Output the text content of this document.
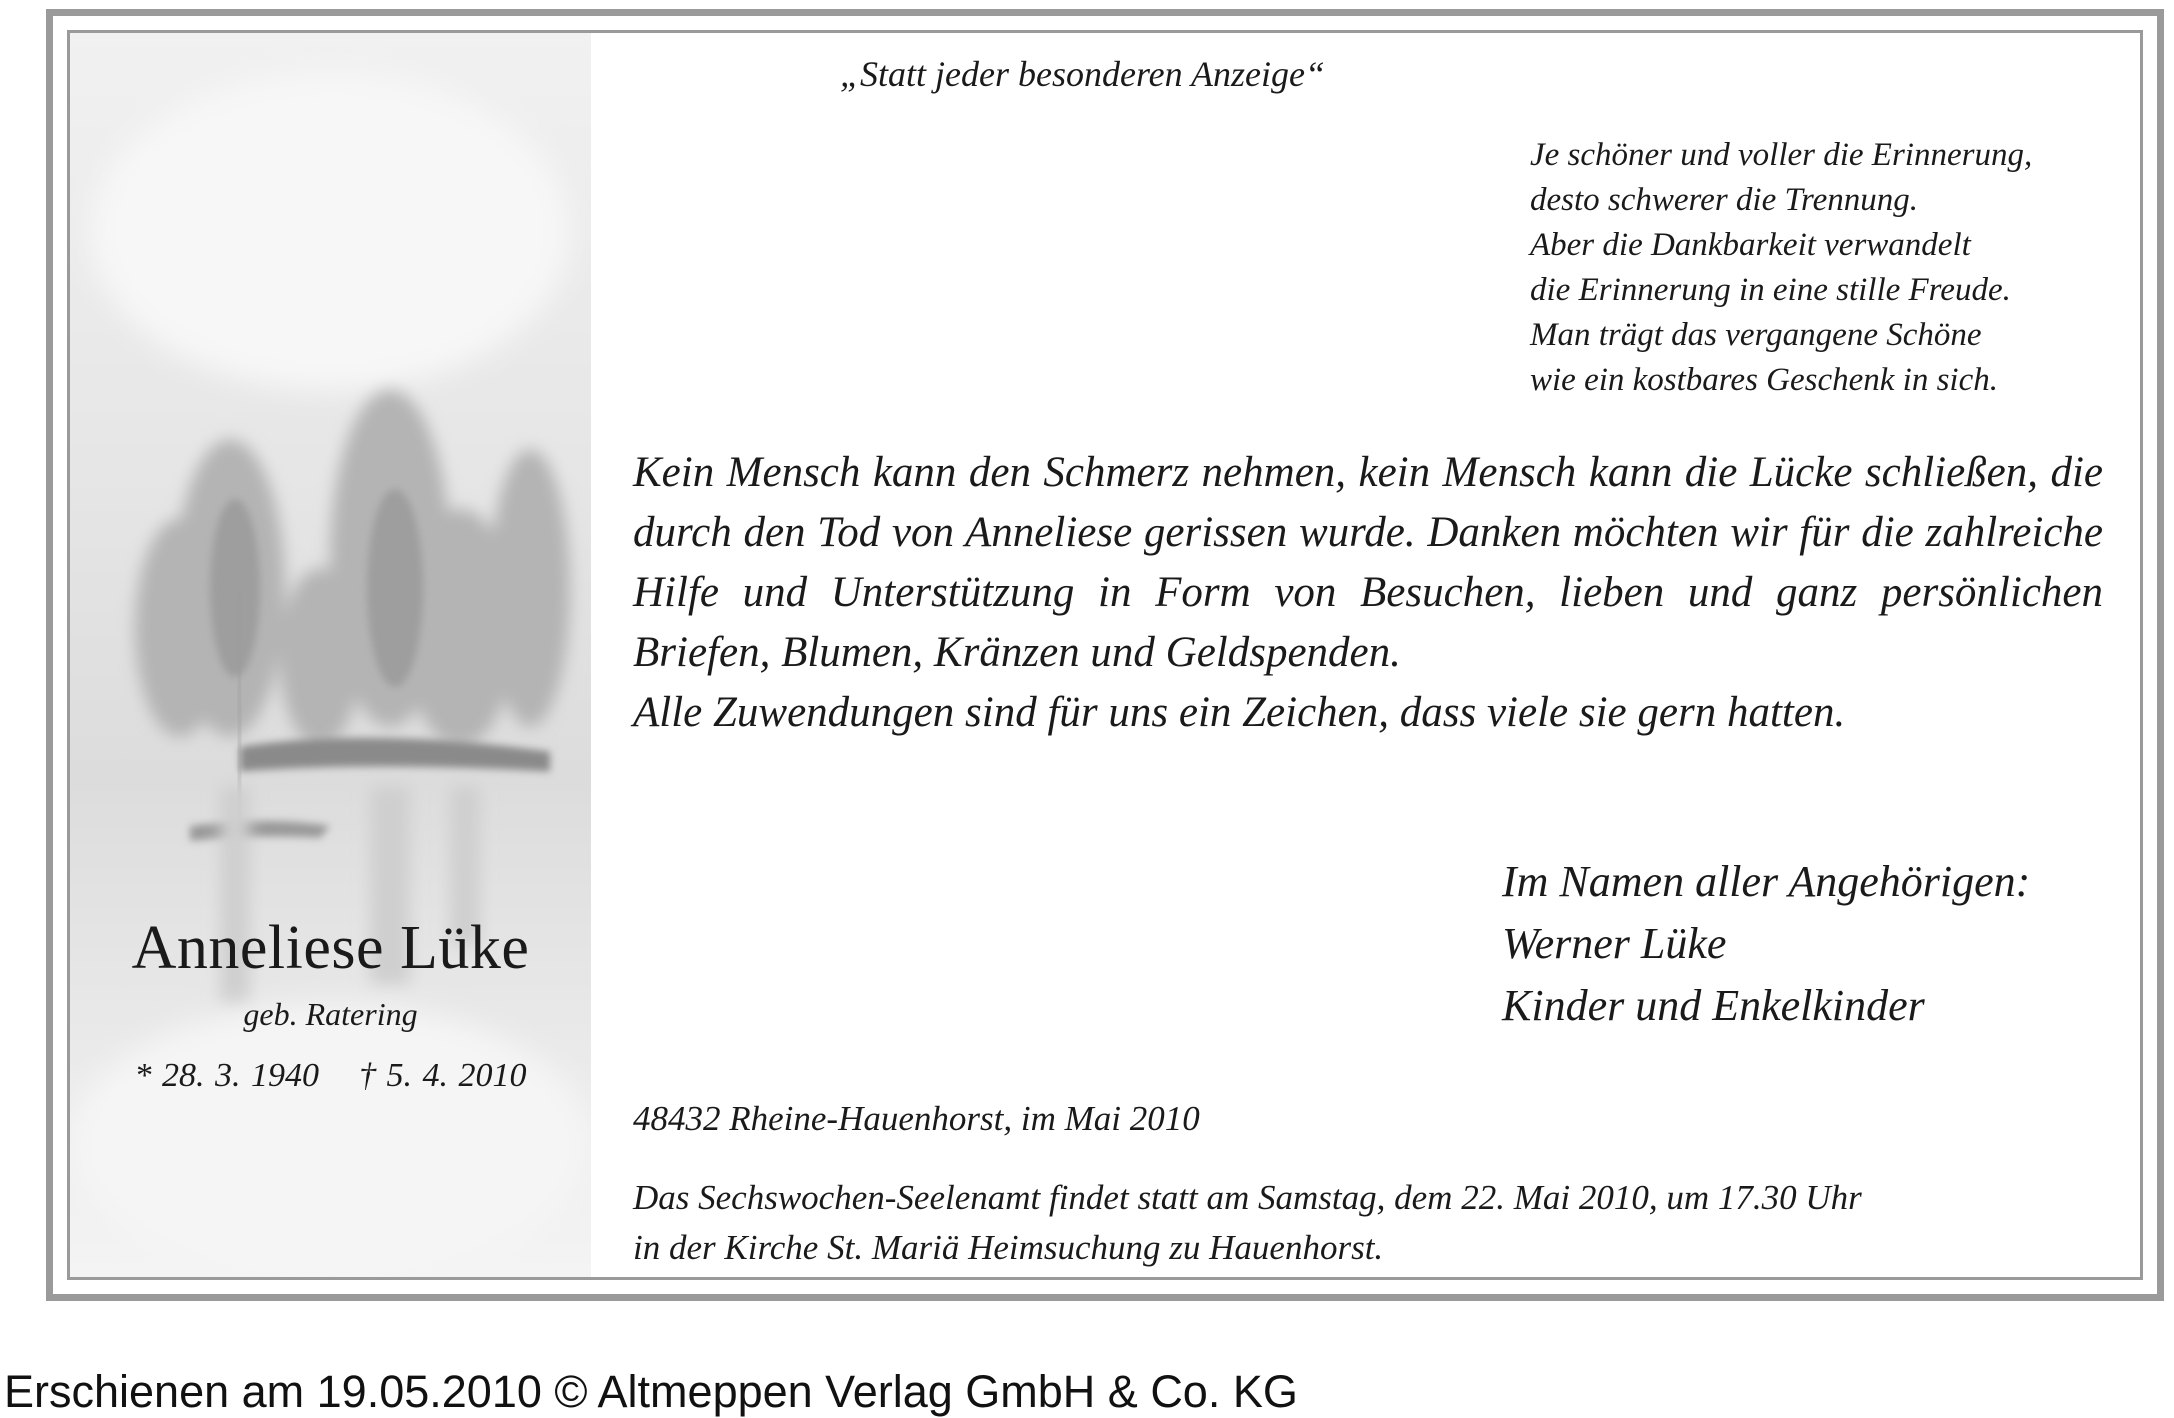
Anneliese Lüke
geb. Ratering
* 28. 3. 1940 † 5. 4. 2010
„Statt jeder besonderen Anzeige“
Je schöner und voller die Erinnerung,
desto schwerer die Trennung.
Aber die Dankbarkeit verwandelt
die Erinnerung in eine stille Freude.
Man trägt das vergangene Schöne
wie ein kostbares Geschenk in sich.
Kein Mensch kann den Schmerz nehmen, kein Mensch kann die Lücke schließen, die durch den Tod von Anneliese gerissen wurde. Danken möchten wir für die zahlreiche Hilfe und Unterstützung in Form von Besuchen, lieben und ganz persönlichen Briefen, Blumen, Kränzen und Geldspenden.
Alle Zuwendungen sind für uns ein Zeichen, dass viele sie gern hatten.
Im Namen aller Angehörigen:
Werner Lüke
Kinder und Enkelkinder
48432 Rheine-Hauenhorst, im Mai 2010
Das Sechswochen-Seelenamt findet statt am Samstag, dem 22. Mai 2010, um 17.30 Uhr
in der Kirche St. Mariä Heimsuchung zu Hauenhorst.
Erschienen am 19.05.2010 © Altmeppen Verlag GmbH & Co. KG
